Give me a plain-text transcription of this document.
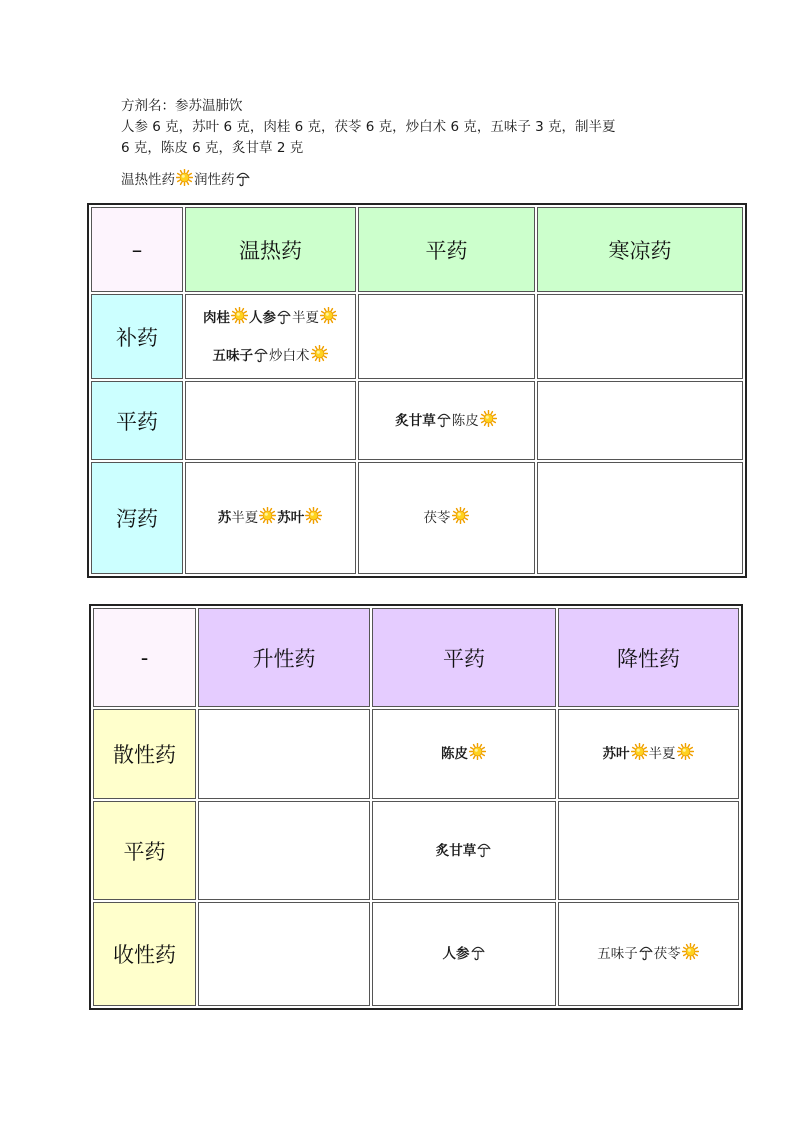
方剂名：参苏温肺饮
人参 6 克，苏叶 6 克，肉桂 6 克，茯苓 6 克，炒白术 6 克，五味子 3 克，制半夏
6 克，陈皮 6 克，炙甘草 2 克
温热性药 润性药
–	温热药	平药	寒凉药
补药	肉桂 人参 半夏
五味子 炒白术		

平药		炙甘草 陈皮	

泻药	苏半夏 苏叶	茯苓	

-	升性药	平药	降性药
散性药		陈皮	苏叶 半夏

平药		炙甘草	

收性药		人参	五味子 茯苓
